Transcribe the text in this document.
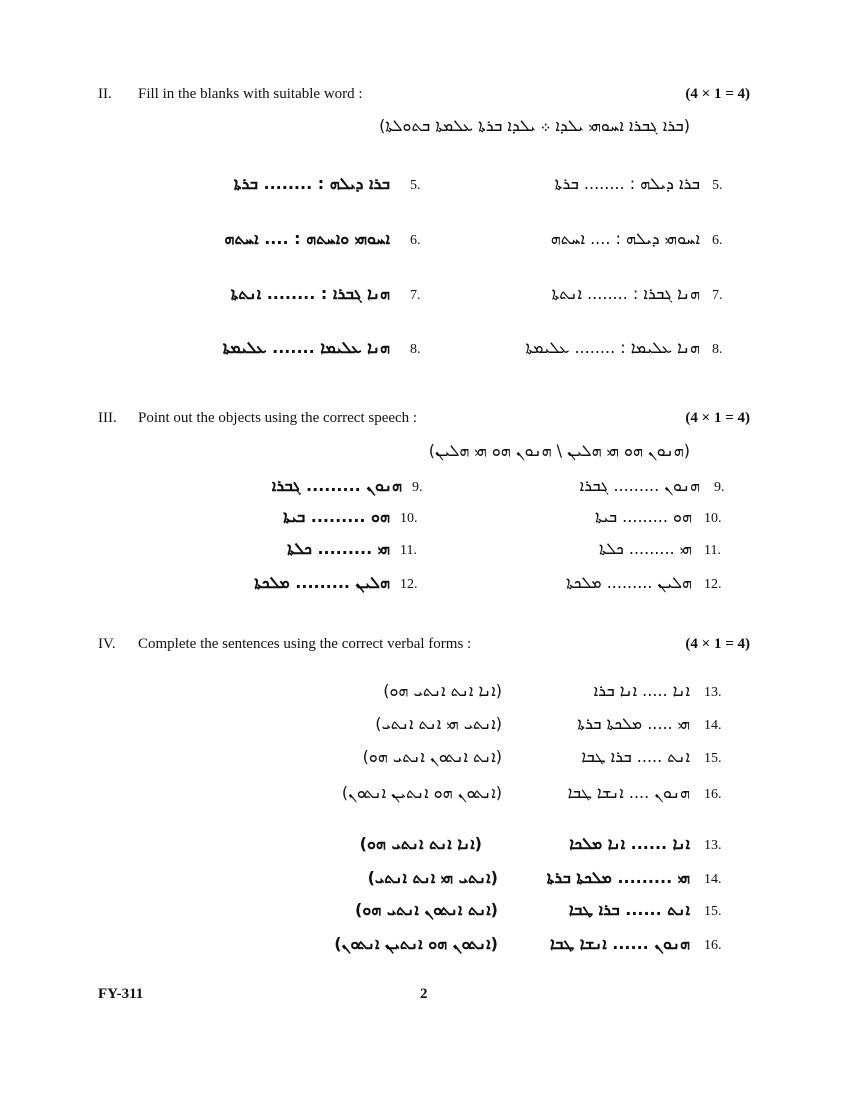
II. Fill in the blanks with suitable word :	(4 × 1 = 4)
(ܒܪܐ ܓܒܪܐ ܐܚܘܗܝ ܝܠܕܐ ܀ ܝܠܕܐ ܒܪܬܐ ܥܠܡܬܐ ܒܬܘܠܬܐ)
5.
ܒܪܐ ܕܝܠܗ : ........ ܒܪܬܐ
6.
ܐܚܘܗܝ ܘܐܚܬܗ : .... ܐܚܬܗ
7.
ܗܢܐ ܓܒܪܐ : ........ ܐܢܬܬܐ
8.
ܗܢܐ ܥܠܝܡܐ ....... ܥܠܝܡܬܐ
5.
ܒܪܐ ܕܝܠܗ : ........ ܒܪܬܐ
6.
ܐܚܘܗܝ ܕܝܠܗ : .... ܐܚܬܗ
7.
ܗܢܐ ܓܒܪܐ : ........ ܐܢܬܬܐ
8.
ܗܢܐ ܥܠܝܡܐ : ........ ܥܠܝܡܬܐ
III. Point out the objects using the correct speech :	(4 × 1 = 4)
(ܗܢܘܢ ܗܘ ܗܝ ܗܠܝܢ \ ܗܢܘܢ ܗܘ ܗܝ ܗܠܝܢ)
9.
ܗܢܘܢ ......... ܓܒܪܐ
10.
ܗܘ ......... ܒܝܬܐ
11.
ܗܝ ......... ܟܠܬܐ
12.
ܗܠܝܢ ......... ܡܠܟܬܐ
9.
ܗܢܘܢ ......... ܓܒܪܐ
10.
ܗܘ ......... ܒܝܬܐ
11.
ܗܝ ......... ܟܠܬܐ
12.
ܗܠܝܢ ......... ܡܠܟܬܐ
IV. Complete the sentences using the correct verbal forms :	(4 × 1 = 4)
13.
ܐܢܐ ..... ܐܢܐ ܒܪܐ
(ܐܢܐ ܐܢܬ ܐܢܬܝ ܗܘ)
14.
ܗܝ ..... ܡܠܟܬܐ ܒܪܬܐ
(ܐܢܬܝ ܗܝ ܐܢܬ ܐܢܬܝ)
15.
ܐܢܬ ..... ܒܪܐ ܛܒܐ
(ܐܢܬ ܐܢܬܘܢ ܐܢܬܝ ܗܘ)
16.
ܗܢܘܢ .... ܐܢܫܐ ܛܒܐ
(ܐܢܬܘܢ ܗܘ ܐܢܬܝܢ ܐܢܬܘܢ)
13.
ܐܢܐ ...... ܐܢܐ ܡܠܟܐ
(ܐܢܐ ܐܢܬ ܐܢܬܝ ܗܘ)
14.
ܗܝ ......... ܡܠܟܬܐ ܒܪܬܐ
(ܐܢܬܝ ܗܝ ܐܢܬ ܐܢܬܝ)
15.
ܐܢܬ ...... ܒܪܐ ܛܒܐ
(ܐܢܬ ܐܢܬܘܢ ܐܢܬܝ ܗܘ)
16.
ܗܢܘܢ ...... ܐܢܫܐ ܛܒܐ
(ܐܢܬܘܢ ܗܘ ܐܢܬܝܢ ܐܢܬܘܢ)
FY-311	2
